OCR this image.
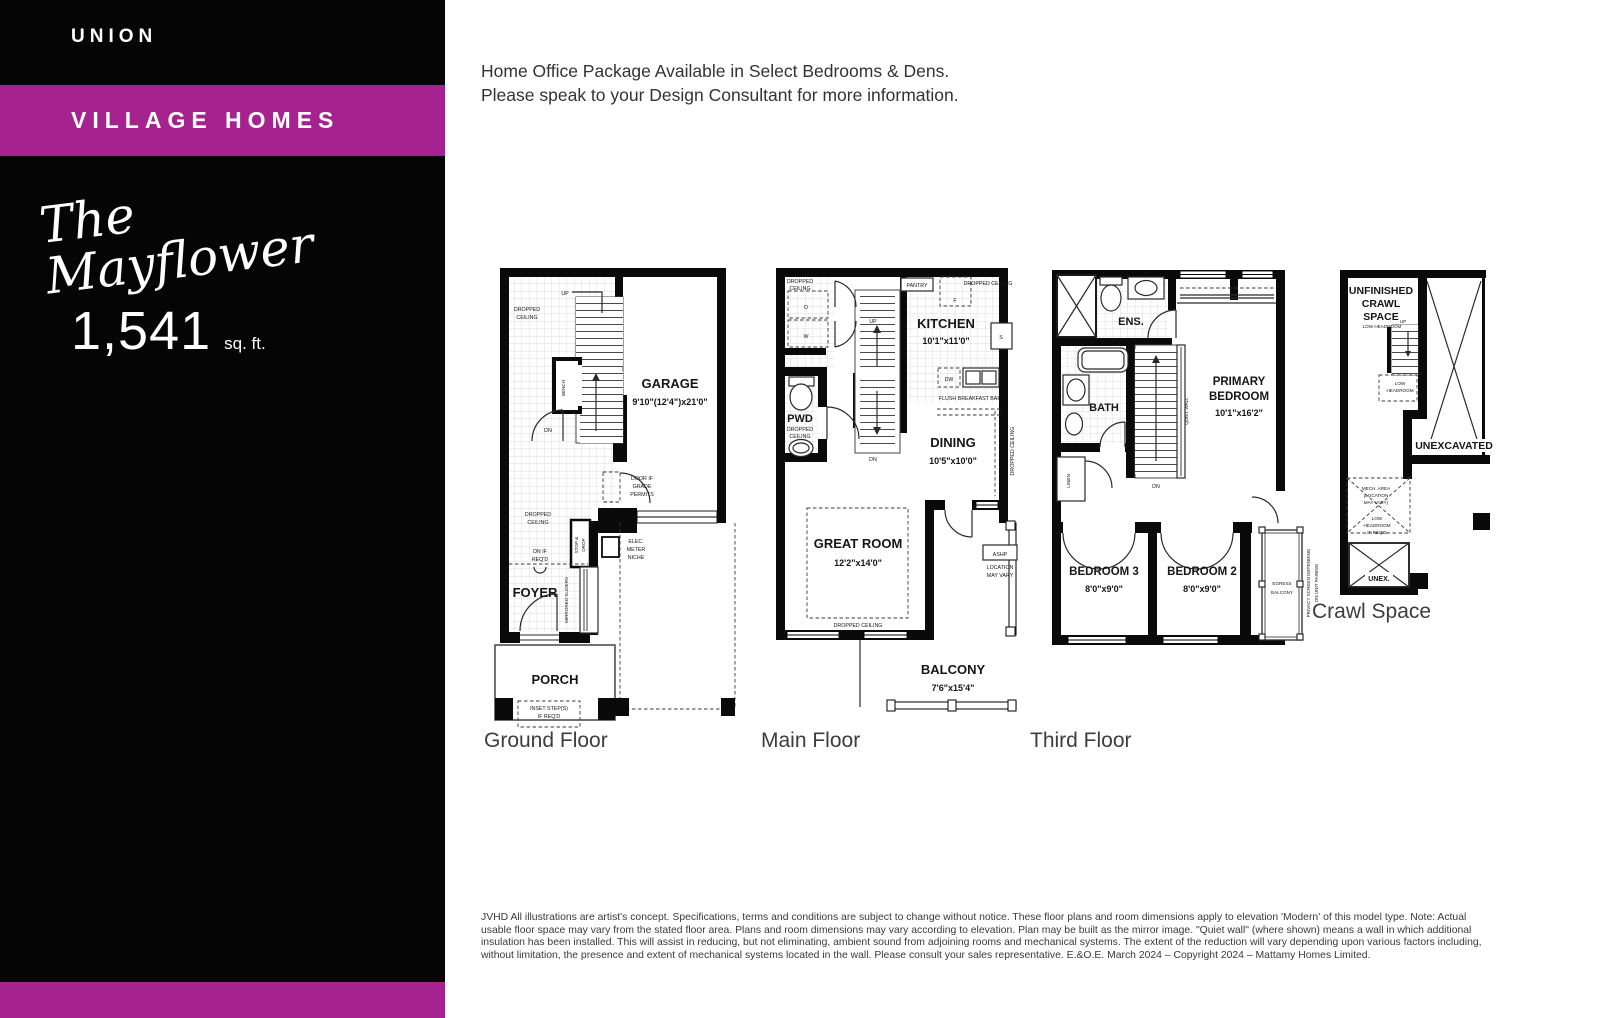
UNION
VILLAGE HOMES
The Mayflower
1,541 sq. ft.
Home Office Package Available in Select Bedrooms & Dens.
Please speak to your Design Consultant for more information.
UP
DROPPED
CEILING
BENCH
DN
GARAGE
9'10"(12'4")x21'0"
DOOR IF
GRADE
PERMITS
DROPPED
CEILING
STOP & DROP	ELEC.
METER
NICHE
DN IF
REQ'D
FOYER MIRRORED SLIDERS
PORCH
INSET STEP(S)
IF REQ'D
DROPPED
CEILING
D
W
UP
DN
PANTRY	DROPPED CEILING
F
KITCHEN
10'1"x11'0"	S
DW
FLUSH BREAKFAST BAR
PWD
DROPPED
CEILING	DINING
10'5"x10'0"	DROPPED CEILING
GREAT ROOM
12'2"x14'0"
DROPPED CEILING
ASHP
LOCATION
MAY VARY
BALCONY
7'6"x15'4"
ENS.
BATH
LINEN	DN
QUIET WALL
PRIMARY
BEDROOM
10'1"x16'2"
BEDROOM 3
8'0"x9'0"
BEDROOM 2
8'0"x9'0"
EGRESS
BALCONY	PRIVACY SCREEN DEPENDING ON UNIT PAIRING
UNFINISHED
CRAWL
SPACE
LOW HEADROOM
UP
LOW
HEADROOM
UNEXCAVATED
MECH. AREA
(LOCATION
MAY VARY)
LOW
HEADROOM
IF REQ'D
UNEX.
Ground Floor	Main Floor	Third Floor
Crawl Space
JVHD All illustrations are artist's concept. Specifications, terms and conditions are subject to change without notice. These floor plans and room dimensions apply to elevation 'Modern' of this model type. Note: Actual usable floor space may vary from the stated floor area. Plans and room dimensions may vary according to elevation. Plan may be built as the mirror image. "Quiet wall" (where shown) means a wall in which additional insulation has been installed. This will assist in reducing, but not eliminating, ambient sound from adjoining rooms and mechanical systems. The extent of the reduction will vary depending upon various factors including, without limitation, the presence and extent of mechanical systems located in the wall. Please consult your sales representative. E.&O.E. March 2024 – Copyright 2024 – Mattamy Homes Limited.
